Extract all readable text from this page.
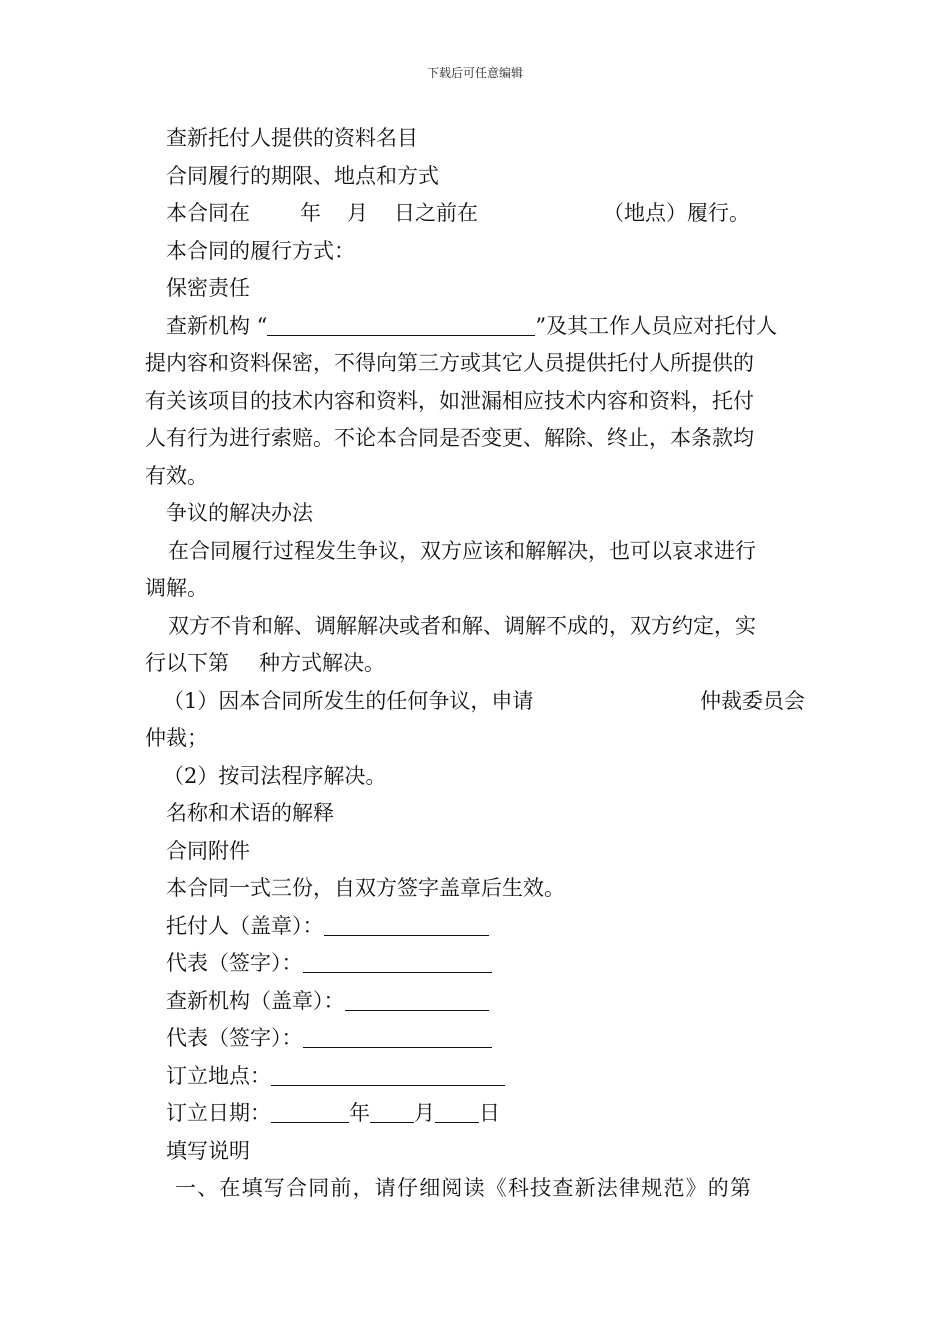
下载后可任意编辑

查新托付人提供的资料名目

合同履行的期限、地点和方式

本合同在 年 月 日之前在	（地点）履行。

本合同的履行方式：

保密责任

查新机构 “	”及其工作人员应对托付人

提内容和资料保密，不得向第三方或其它人员提供托付人所提供的

有关该项目的技术内容和资料，如泄漏相应技术内容和资料，托付

人有行为进行索赔。不论本合同是否变更、解除、终止，本条款均

有效。

争议的解决办法

在合同履行过程发生争议，双方应该和解解决，也可以哀求进行

调解。

双方不肯和解、调解解决或者和解、调解不成的，双方约定，实

行以下第 种方式解决。

（1）因本合同所发生的任何争议，申请	仲裁委员会

仲裁；

（2）按司法程序解决。

名称和术语的解释

合同附件

本合同一式三份，自双方签字盖章后生效。

托付人（盖章）：

代表（签字）：

查新机构（盖章）：

代表（签字）：

订立地点：

订立日期：	年 月 日

填写说明

一、在填写合同前，请仔细阅读《科技查新法律规范》的第
